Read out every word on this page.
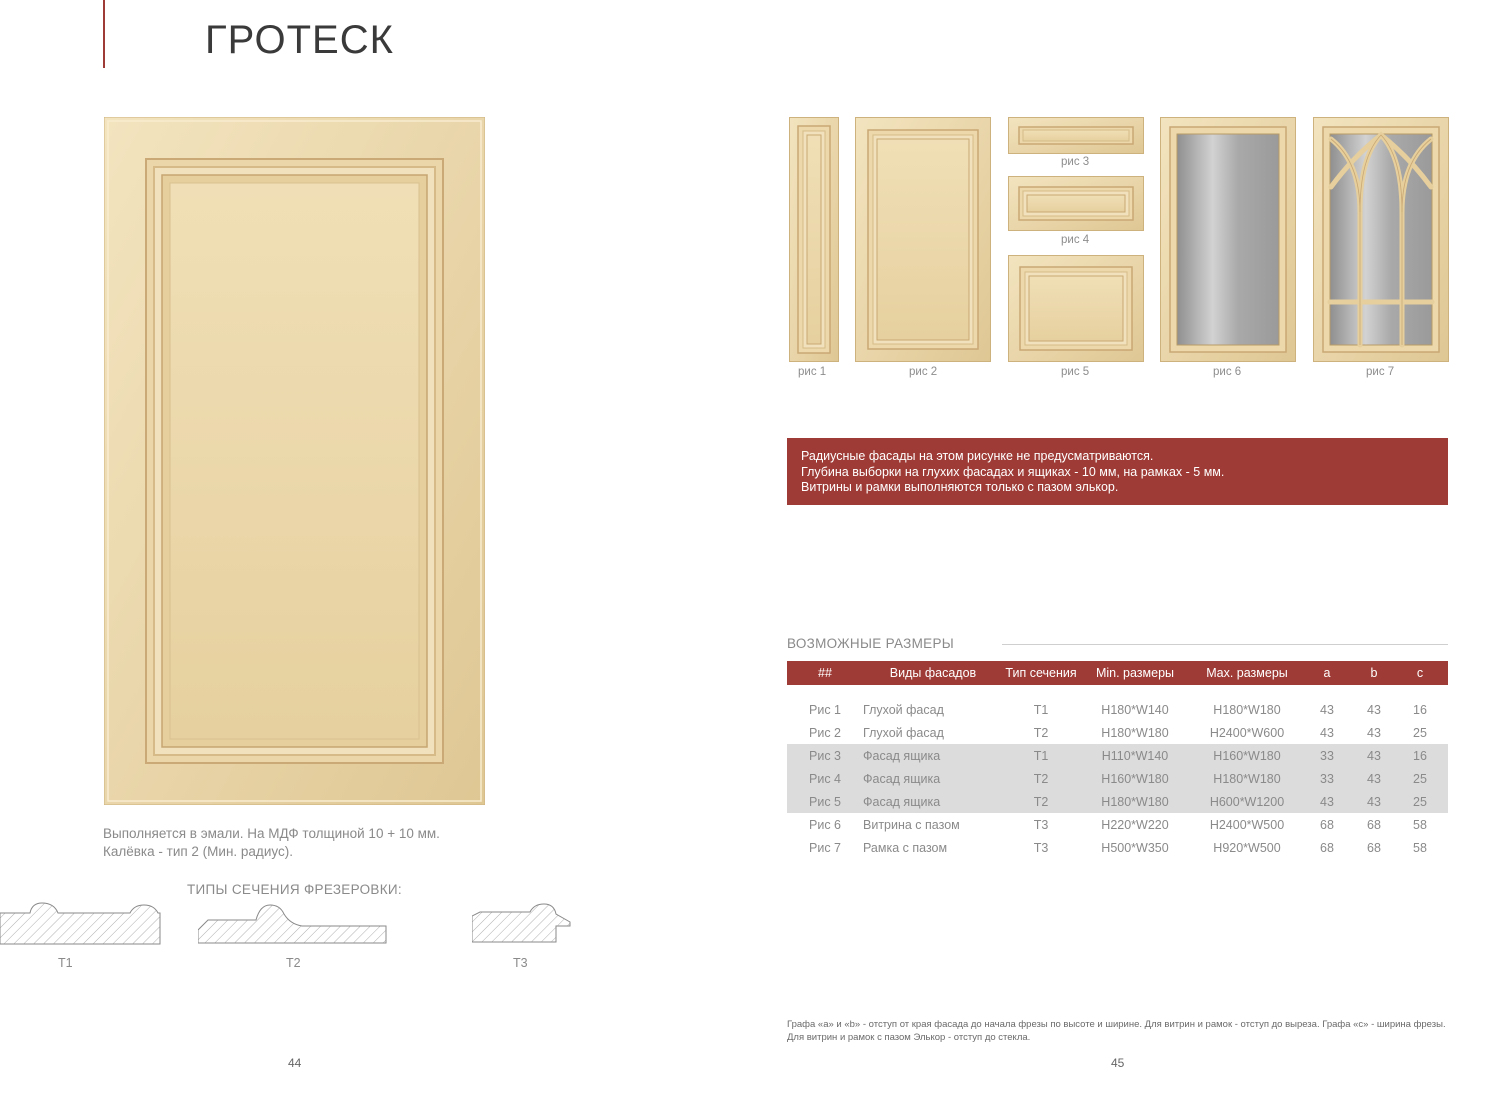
ГРОТЕСК
Выполняется в эмали. На МДФ толщиной 10 + 10 мм.
Калёвка - тип 2 (Мин. радиус).
ТИПЫ СЕЧЕНИЯ ФРЕЗЕРОВКИ:
T1	T2	T3
44
рис 1	рис 2
рис 3
рис 4
рис 5	рис 6	рис 7
Радиусные фасады на этом рисунке не предусматриваются.
Глубина выборки на глухих фасадах и ящиках - 10 мм, на рамках - 5 мм.
Витрины и рамки выполняются только с пазом элькор.
ВОЗМОЖНЫЕ РАЗМЕРЫ
##	Виды фасадов	Тип сечения	Min. размеры	Max. размеры	a	b	c
Рис 1	Глухой фасад	T1	H180*W140	H180*W180	43	43	16
Рис 2	Глухой фасад	T2	H180*W180	H2400*W600	43	43	25
Рис 3	Фасад ящика	T1	H110*W140	H160*W180	33	43	16
Рис 4	Фасад ящика	T2	H160*W180	H180*W180	33	43	25
Рис 5	Фасад ящика	T2	H180*W180	H600*W1200	43	43	25
Рис 6	Витрина с пазом	T3	H220*W220	H2400*W500	68	68	58
Рис 7	Рамка с пазом	T3	H500*W350	H920*W500	68	68	58
Графа «a» и «b» - отступ от края фасада до начала фрезы по высоте и ширине. Для витрин и рамок - отступ до выреза. Графа «c» - ширина фрезы. Для витрин и рамок с пазом Элькор - отступ до стекла.
45
